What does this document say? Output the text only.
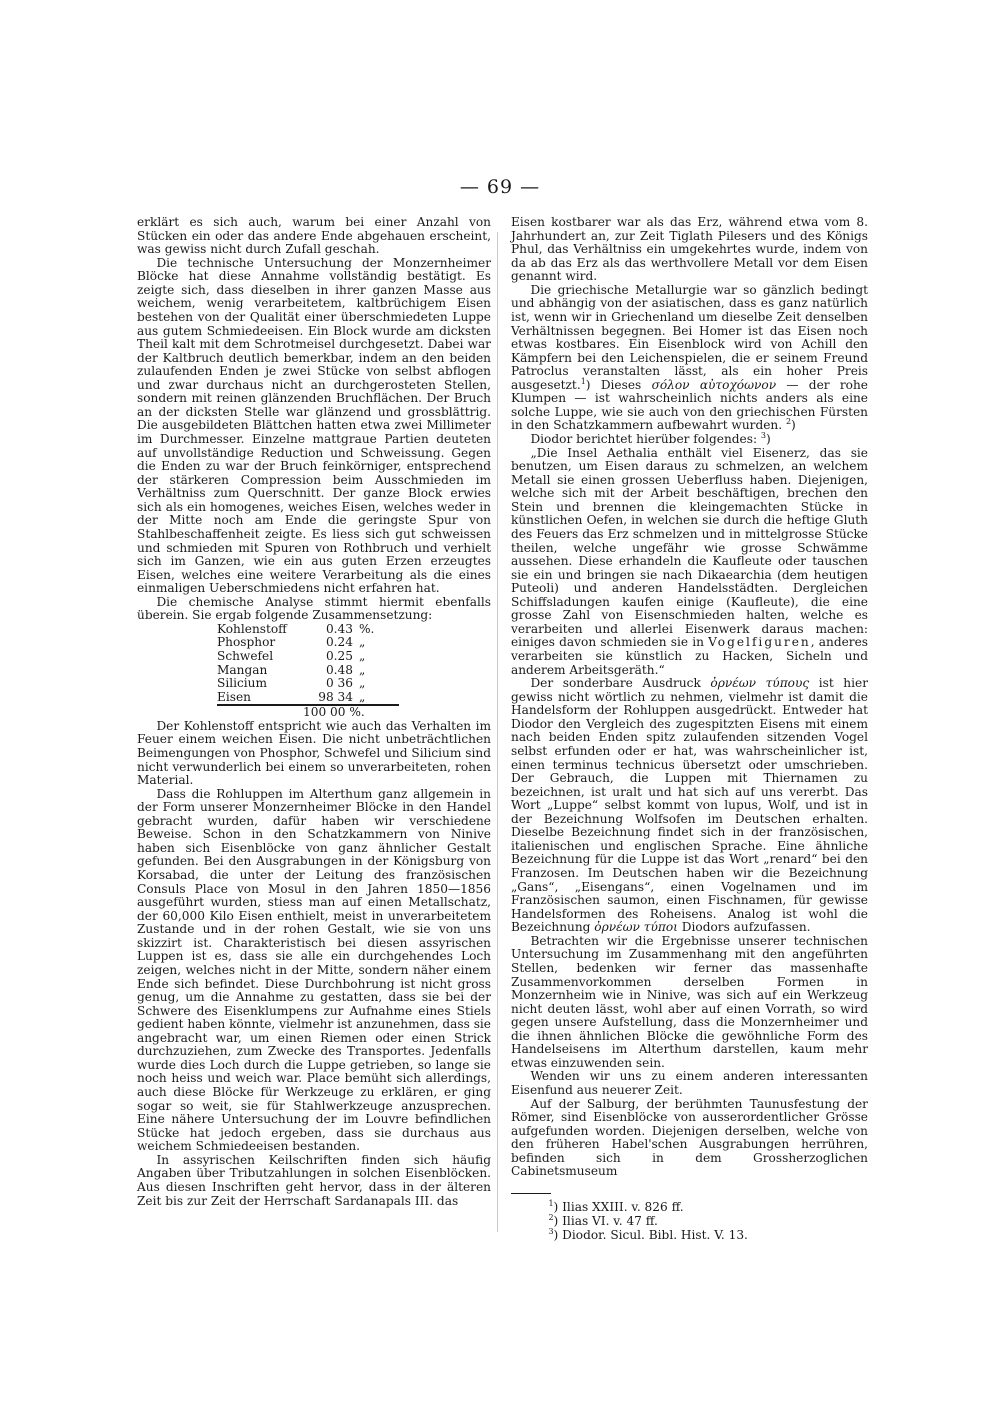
— 69 —

erklärt es sich auch, warum bei einer Anzahl von Stücken ein oder das andere Ende abgehauen erscheint, was gewiss nicht durch Zufall geschah.

Die technische Untersuchung der Monzernheimer Blöcke hat diese Annahme vollständig bestätigt. Es zeigte sich, dass dieselben in ihrer ganzen Masse aus weichem, wenig verarbeitetem, kaltbrüchigem Eisen bestehen von der Qualität einer überschmiedeten Luppe aus gutem Schmiedeeisen. Ein Block wurde am dicksten Theil kalt mit dem Schrotmeisel durchgesetzt. Dabei war der Kaltbruch deutlich bemerkbar, indem an den beiden zulaufenden Enden je zwei Stücke von selbst abflogen und zwar durchaus nicht an durchgerosteten Stellen, sondern mit reinen glänzenden Bruchflächen. Der Bruch an der dicksten Stelle war glänzend und grossblättrig. Die ausgebildeten Blättchen hatten etwa zwei Millimeter im Durchmesser. Einzelne mattgraue Partien deuteten auf unvollständige Reduction und Schweissung. Gegen die Enden zu war der Bruch feinkörniger, entsprechend der stärkeren Compression beim Ausschmieden im Verhältniss zum Querschnitt. Der ganze Block erwies sich als ein homogenes, weiches Eisen, welches weder in der Mitte noch am Ende die geringste Spur von Stahlbeschaffenheit zeigte. Es liess sich gut schweissen und schmieden mit Spuren von Rothbruch und verhielt sich im Ganzen, wie ein aus guten Erzen erzeugtes Eisen, welches eine weitere Verarbeitung als die eines einmaligen Ueberschmiedens nicht erfahren hat.

Die chemische Analyse stimmt hiermit ebenfalls überein. Sie ergab folgende Zusammensetzung:

Kohlenstoff	0.43	%.
Phosphor	0.24	„
Schwefel	0.25	„
Mangan	0.48	„
Silicium	0 36	„
Eisen	98 34	„
100 00 %.

Der Kohlenstoff entspricht wie auch das Verhalten im Feuer einem weichen Eisen. Die nicht unbeträchtlichen Beimengungen von Phosphor, Schwefel und Silicium sind nicht verwunderlich bei einem so unverarbeiteten, rohen Material.

Dass die Rohluppen im Alterthum ganz allgemein in der Form unserer Monzernheimer Blöcke in den Handel gebracht wurden, dafür haben wir verschiedene Beweise. Schon in den Schatzkammern von Ninive haben sich Eisenblöcke von ganz ähnlicher Gestalt gefunden. Bei den Ausgrabungen in der Königsburg von Korsabad, die unter der Leitung des französischen Consuls Place von Mosul in den Jahren 1850—1856 ausgeführt wurden, stiess man auf einen Metallschatz, der 60,000 Kilo Eisen enthielt, meist in unverarbeitetem Zustande und in der rohen Gestalt, wie sie von uns skizzirt ist. Charakteristisch bei diesen assyrischen Luppen ist es, dass sie alle ein durchgehendes Loch zeigen, welches nicht in der Mitte, sondern näher einem Ende sich befindet. Diese Durchbohrung ist nicht gross genug, um die Annahme zu gestatten, dass sie bei der Schwere des Eisenklumpens zur Aufnahme eines Stiels gedient haben könnte, vielmehr ist anzunehmen, dass sie angebracht war, um einen Riemen oder einen Strick durchzuziehen, zum Zwecke des Transportes. Jedenfalls wurde dies Loch durch die Luppe getrieben, so lange sie noch heiss und weich war. Place bemüht sich allerdings, auch diese Blöcke für Werkzeuge zu erklären, er ging sogar so weit, sie für Stahlwerkzeuge anzusprechen. Eine nähere Untersuchung der im Louvre befindlichen Stücke hat jedoch ergeben, dass sie durchaus aus weichem Schmiedeeisen bestanden.

In assyrischen Keilschriften finden sich häufig Angaben über Tributzahlungen in solchen Eisenblöcken. Aus diesen Inschriften geht hervor, dass in der älteren Zeit bis zur Zeit der Herrschaft Sardanapals III. das

Eisen kostbarer war als das Erz, während etwa vom 8. Jahrhundert an, zur Zeit Tiglath Pilesers und des Königs Phul, das Verhältniss ein umgekehrtes wurde, indem von da ab das Erz als das werthvollere Metall vor dem Eisen genannt wird.

Die griechische Metallurgie war so gänzlich bedingt und abhängig von der asiatischen, dass es ganz natürlich ist, wenn wir in Griechenland um dieselbe Zeit denselben Verhältnissen begegnen. Bei Homer ist das Eisen noch etwas kostbares. Ein Eisenblock wird von Achill den Kämpfern bei den Leichenspielen, die er seinem Freund Patroclus veranstalten lässt, als ein hoher Preis ausgesetzt.$^1$) Dieses σόλον αὐτοχόωνον — der rohe Klumpen — ist wahrscheinlich nichts anders als eine solche Luppe, wie sie auch von den griechischen Fürsten in den Schatzkammern aufbewahrt wurden. $^2$)

Diodor berichtet hierüber folgendes: $^3$)

„Die Insel Aethalia enthält viel Eisenerz, das sie benutzen, um Eisen daraus zu schmelzen, an welchem Metall sie einen grossen Ueberfluss haben. Diejenigen, welche sich mit der Arbeit beschäftigen, brechen den Stein und brennen die kleingemachten Stücke in künstlichen Oefen, in welchen sie durch die heftige Gluth des Feuers das Erz schmelzen und in mittelgrosse Stücke theilen, welche ungefähr wie grosse Schwämme aussehen. Diese erhandeln die Kaufleute oder tauschen sie ein und bringen sie nach Dikaearchia (dem heutigen Puteoli) und anderen Handelsstädten. Dergleichen Schiffsladungen kaufen einige (Kaufleute), die eine grosse Zahl von Eisenschmieden halten, welche es verarbeiten und allerlei Eisenwerk daraus machen: einiges davon schmieden sie in Vogelfiguren, anderes verarbeiten sie künstlich zu Hacken, Sicheln und anderem Arbeitsgeräth.“

Der sonderbare Ausdruck ὀρνέων τύπους ist hier gewiss nicht wörtlich zu nehmen, vielmehr ist damit die Handelsform der Rohluppen ausgedrückt. Entweder hat Diodor den Vergleich des zugespitzten Eisens mit einem nach beiden Enden spitz zulaufenden sitzenden Vogel selbst erfunden oder er hat, was wahrscheinlicher ist, einen terminus technicus übersetzt oder umschrieben. Der Gebrauch, die Luppen mit Thiernamen zu bezeichnen, ist uralt und hat sich auf uns vererbt. Das Wort „Luppe“ selbst kommt von lupus, Wolf, und ist in der Bezeichnung Wolfsofen im Deutschen erhalten. Dieselbe Bezeichnung findet sich in der französischen, italienischen und englischen Sprache. Eine ähnliche Bezeichnung für die Luppe ist das Wort „renard“ bei den Franzosen. Im Deutschen haben wir die Bezeichnung „Gans“, „Eisengans“, einen Vogelnamen und im Französischen saumon, einen Fischnamen, für gewisse Handelsformen des Roheisens. Analog ist wohl die Bezeichnung ὀρνέων τύποι Diodors aufzufassen.

Betrachten wir die Ergebnisse unserer technischen Untersuchung im Zusammenhang mit den angeführten Stellen, bedenken wir ferner das massenhafte Zusammenvorkommen derselben Formen in Monzernheim wie in Ninive, was sich auf ein Werkzeug nicht deuten lässt, wohl aber auf einen Vorrath, so wird gegen unsere Aufstellung, dass die Monzernheimer und die ihnen ähnlichen Blöcke die gewöhnliche Form des Handelseisens im Alterthum darstellen, kaum mehr etwas einzuwenden sein.

Wenden wir uns zu einem anderen interessanten Eisenfund aus neuerer Zeit.

Auf der Salburg, der berühmten Taunusfestung der Römer, sind Eisenblöcke von ausserordentlicher Grösse aufgefunden worden. Diejenigen derselben, welche von den früheren Habel'schen Ausgrabungen herrühren, befinden sich in dem Grossherzoglichen Cabinetsmuseum

$^1$) Ilias XXIII. v. 826 ff.

$^2$) Ilias VI. v. 47 ff.

$^3$) Diodor. Sicul. Bibl. Hist. V. 13.
